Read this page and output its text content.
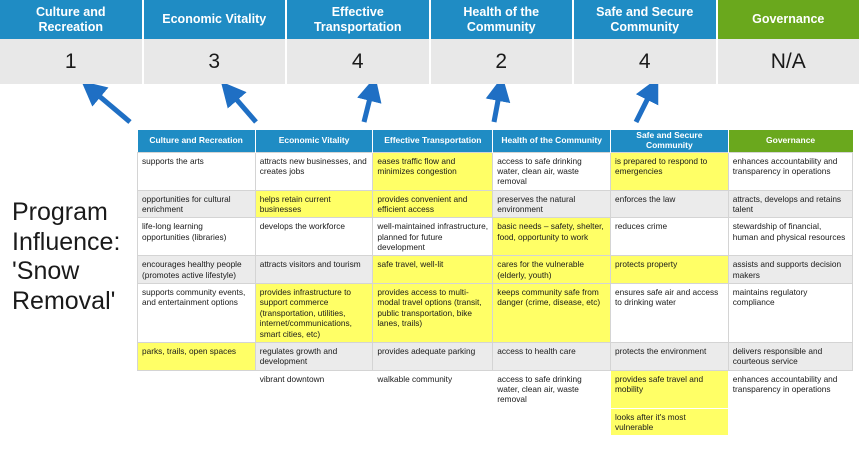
Culture and Recreation
Economic Vitality
Effective Transportation
Health of the Community
Safe and Secure Community
Governance
1	3	4	2	4	N/A
Program
Influence:
'Snow
Removal'
Culture and Recreation	Economic Vitality	Effective Transportation	Health of the Community	Safe and Secure Community	Governance
supports the arts	attracts new businesses, and creates jobs	eases traffic flow and minimizes congestion	access to safe drinking water, clean air, waste removal	is prepared to respond to emergencies	enhances accountability and transparency in operations
opportunities for cultural enrichment	helps retain current businesses	provides convenient and efficient access	preserves the natural environment	enforces the law	attracts, develops and retains talent
life-long learning opportunities (libraries)	develops the workforce	well-maintained infrastructure, planned for future development	basic needs – safety, shelter, food, opportunity to work	reduces crime	stewardship of financial, human and physical resources
encourages healthy people (promotes active lifestyle)	attracts visitors and tourism	safe travel, well-lit	cares for the vulnerable (elderly, youth)	protects property	assists and supports decision makers
supports community events, and entertainment options	provides infrastructure to support commerce (transportation, utilities, internet/communications, smart cities, etc)	provides access to multi-modal travel options (transit, public transportation, bike lanes, trails)	keeps community safe from danger (crime, disease, etc)	ensures safe air and access to drinking water	maintains regulatory compliance
parks, trails, open spaces	regulates growth and development	provides adequate parking	access to health care	protects the environment	delivers responsible and courteous service
	vibrant downtown	walkable community	access to safe drinking water, clean air, waste removal	provides safe travel and mobility	enhances accountability and transparency in operations
				looks after it's most vulnerable	
